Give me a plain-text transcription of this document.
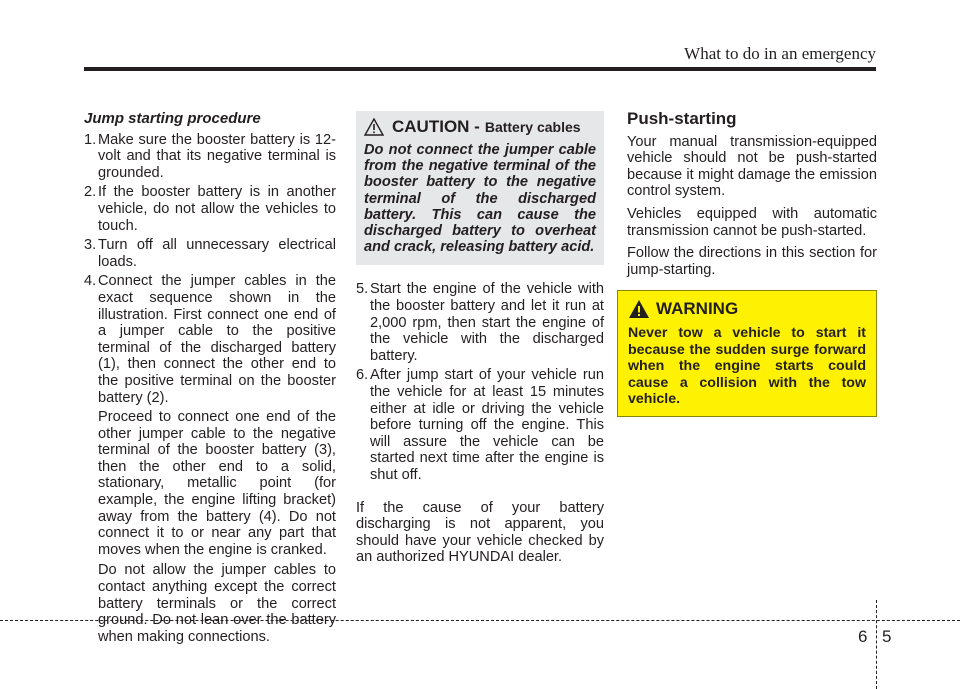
What to do in an emergency
Jump starting procedure
1. Make sure the booster battery is 12-volt and that its negative terminal is grounded.
2. If the booster battery is in another vehicle, do not allow the vehicles to touch.
3. Turn off all unnecessary electrical loads.
4. Connect the jumper cables in the exact sequence shown in the illustration. First connect one end of a jumper cable to the positive terminal of the discharged battery (1), then connect the other end to the positive terminal on the booster battery (2).

Proceed to connect one end of the other jumper cable to the negative terminal of the booster battery (3), then the other end to a solid, stationary, metallic point (for example, the engine lifting bracket) away from the battery (4). Do not connect it to or near any part that moves when the engine is cranked.

Do not allow the jumper cables to contact anything except the correct battery terminals or the correct ground. Do not lean over the battery when making connections.

CAUTION - Battery cables
Do not connect the jumper cable from the negative terminal of the booster battery to the negative terminal of the discharged battery. This can cause the discharged battery to overheat and crack, releasing battery acid.
5. Start the engine of the vehicle with the booster battery and let it run at 2,000 rpm, then start the engine of the vehicle with the discharged battery.
6. After jump start of your vehicle run the vehicle for at least 15 minutes either at idle or driving the vehicle before turning off the engine. This will assure the vehicle can be started next time after the engine is shut off.

If the cause of your battery discharging is not apparent, you should have your vehicle checked by an authorized HYUNDAI dealer.

Push-starting

Your manual transmission-equipped vehicle should not be push-started because it might damage the emission control system.

Vehicles equipped with automatic transmission cannot be push-started.

Follow the directions in this section for jump-starting.

WARNING
Never tow a vehicle to start it because the sudden surge forward when the engine starts could cause a collision with the tow vehicle.
6 5
